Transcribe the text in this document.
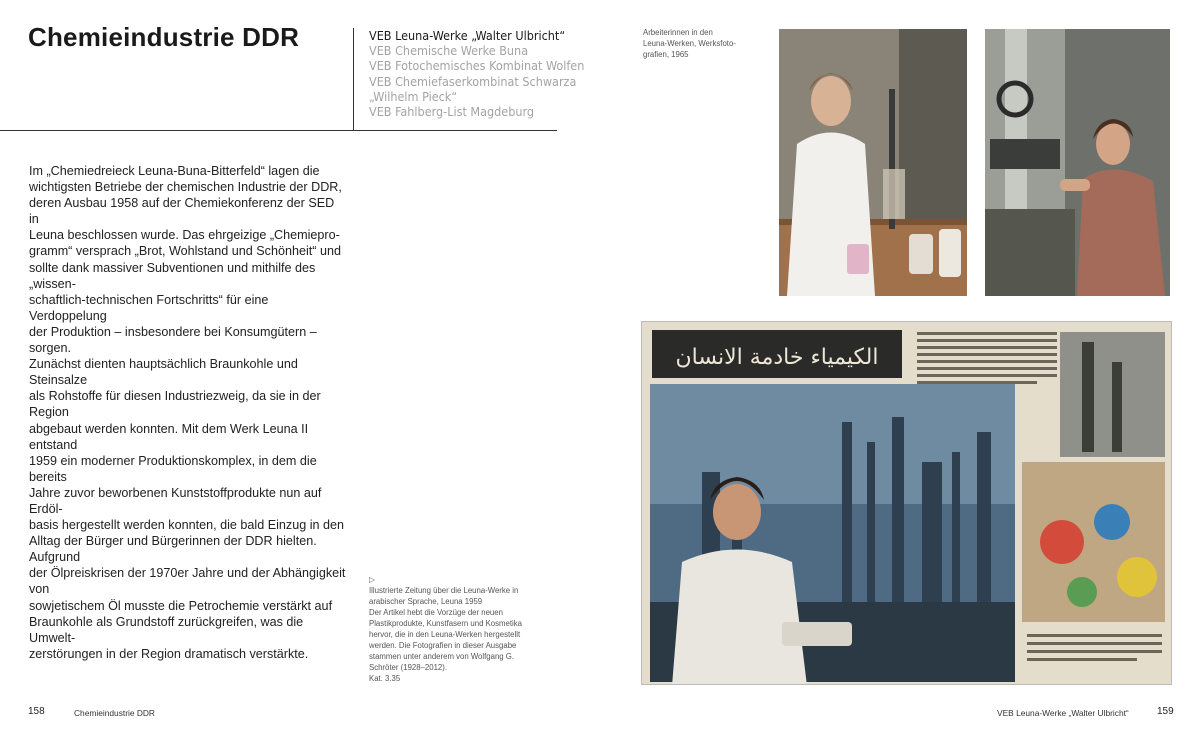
Chemieindustrie DDR	VEB Leuna-Werke „Walter Ulbricht“
VEB Chemische Werke Buna
VEB Fotochemisches Kombinat Wolfen
VEB Chemiefaserkombinat Schwarza
„Wilhelm Pieck“
VEB Fahlberg-List Magdeburg
Im „Chemiedreieck Leuna-Buna-Bitterfeld“ lagen die
wichtigsten Betriebe der chemischen Industrie der DDR,
deren Ausbau 1958 auf der Chemiekonferenz der SED in
Leuna beschlossen wurde. Das ehrgeizige „Chemiepro-
gramm“ versprach „Brot, Wohlstand und Schönheit“ und
sollte dank massiver Subventionen und mithilfe des „wissen-
schaftlich-technischen Fortschritts“ für eine Verdoppelung
der Produktion – insbesondere bei Konsumgütern – sorgen.
Zunächst dienten hauptsächlich Braunkohle und Steinsalze
als Rohstoffe für diesen Industriezweig, da sie in der Region
abgebaut werden konnten. Mit dem Werk Leuna II entstand
1959 ein moderner Produktionskomplex, in dem die bereits
Jahre zuvor beworbenen Kunststoffprodukte nun auf Erdöl-
basis hergestellt werden konnten, die bald Einzug in den
Alltag der Bürger und Bürgerinnen der DDR hielten. Aufgrund
der Ölpreiskrisen der 1970er Jahre und der Abhängigkeit von
sowjetischem Öl musste die Petrochemie verstärkt auf
Braunkohle als Grundstoff zurückgreifen, was die Umwelt-
zerstörungen in der Region dramatisch verstärkte.
Arbeiterinnen in den
Leuna-Werken, Werksfoto-
grafien, 1965
الكيمياء خادمة الانسان
▷
Illustrierte Zeitung über die Leuna-Werke in
arabischer Sprache, Leuna 1959
Der Artikel hebt die Vorzüge der neuen
Plastikprodukte, Kunstfasern und Kosmetika
hervor, die in den Leuna-Werken hergestellt
werden. Die Fotografien in dieser Ausgabe
stammen unter anderem von Wolfgang G.
Schröter (1928–2012).
Kat. 3.35
158	Chemieindustrie DDR	VEB Leuna-Werke „Walter Ulbricht“	159
